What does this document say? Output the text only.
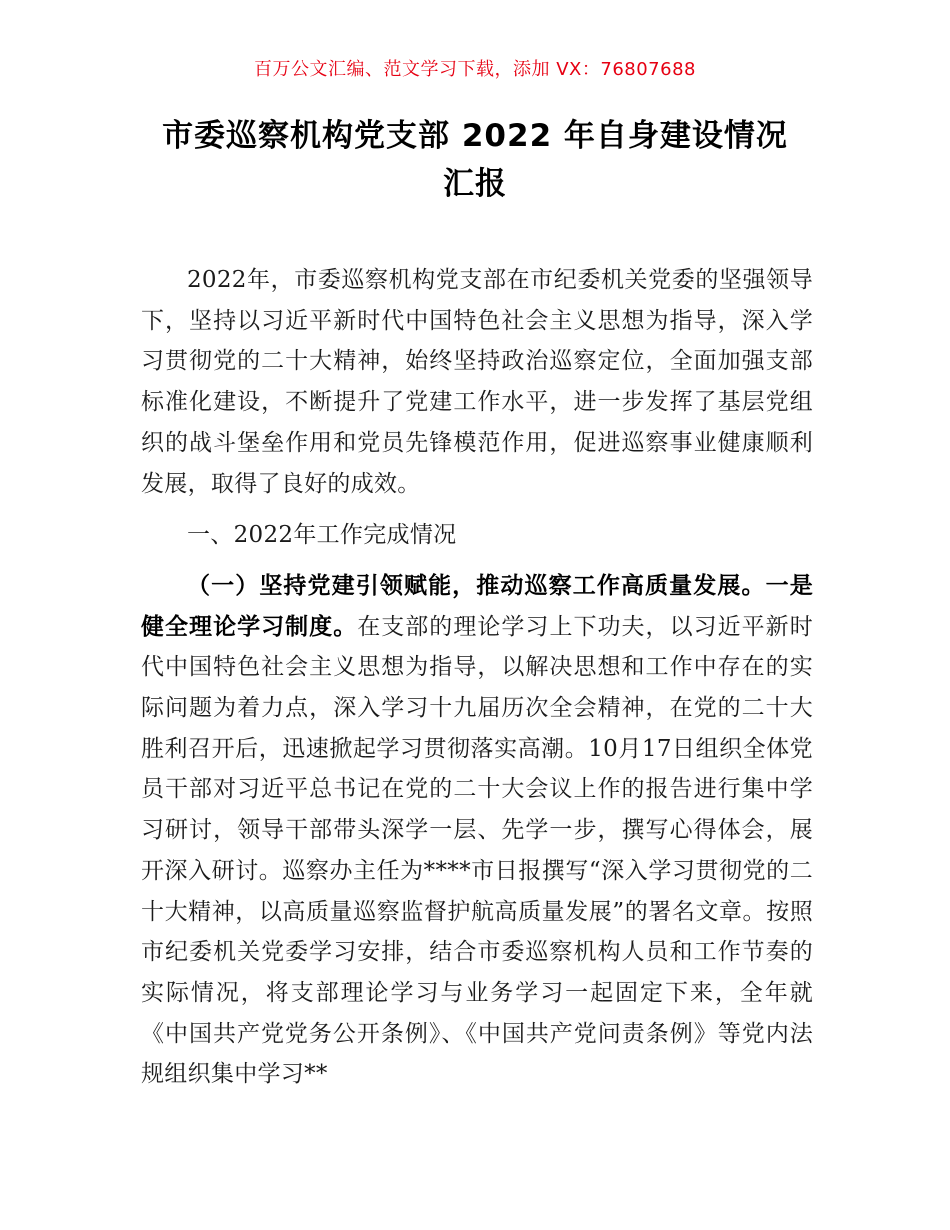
百万公文汇编、范文学习下载，添加 VX：76807688
市委巡察机构党支部 2022 年自身建设情况
汇报

2022年，市委巡察机构党支部在市纪委机关党委的坚强领导下，坚持以习近平新时代中国特色社会主义思想为指导，深入学习贯彻党的二十大精神，始终坚持政治巡察定位，全面加强支部标准化建设，不断提升了党建工作水平，进一步发挥了基层党组织的战斗堡垒作用和党员先锋模范作用，促进巡察事业健康顺利发展，取得了良好的成效。

一、2022年工作完成情况

（一）坚持党建引领赋能，推动巡察工作高质量发展。一是健全理论学习制度。在支部的理论学习上下功夫，以习近平新时代中国特色社会主义思想为指导，以解决思想和工作中存在的实际问题为着力点，深入学习十九届历次全会精神，在党的二十大胜利召开后，迅速掀起学习贯彻落实高潮。10月17日组织全体党员干部对习近平总书记在党的二十大会议上作的报告进行集中学习研讨，领导干部带头深学一层、先学一步，撰写心得体会，展开深入研讨。巡察办主任为****市日报撰写“深入学习贯彻党的二十大精神，以高质量巡察监督护航高质量发展”的署名文章。按照市纪委机关党委学习安排，结合市委巡察机构人员和工作节奏的实际情况，将支部理论学习与业务学习一起固定下来，全年就《中国共产党党务公开条例》、《中国共产党问责条例》等党内法规组织集中学习**
